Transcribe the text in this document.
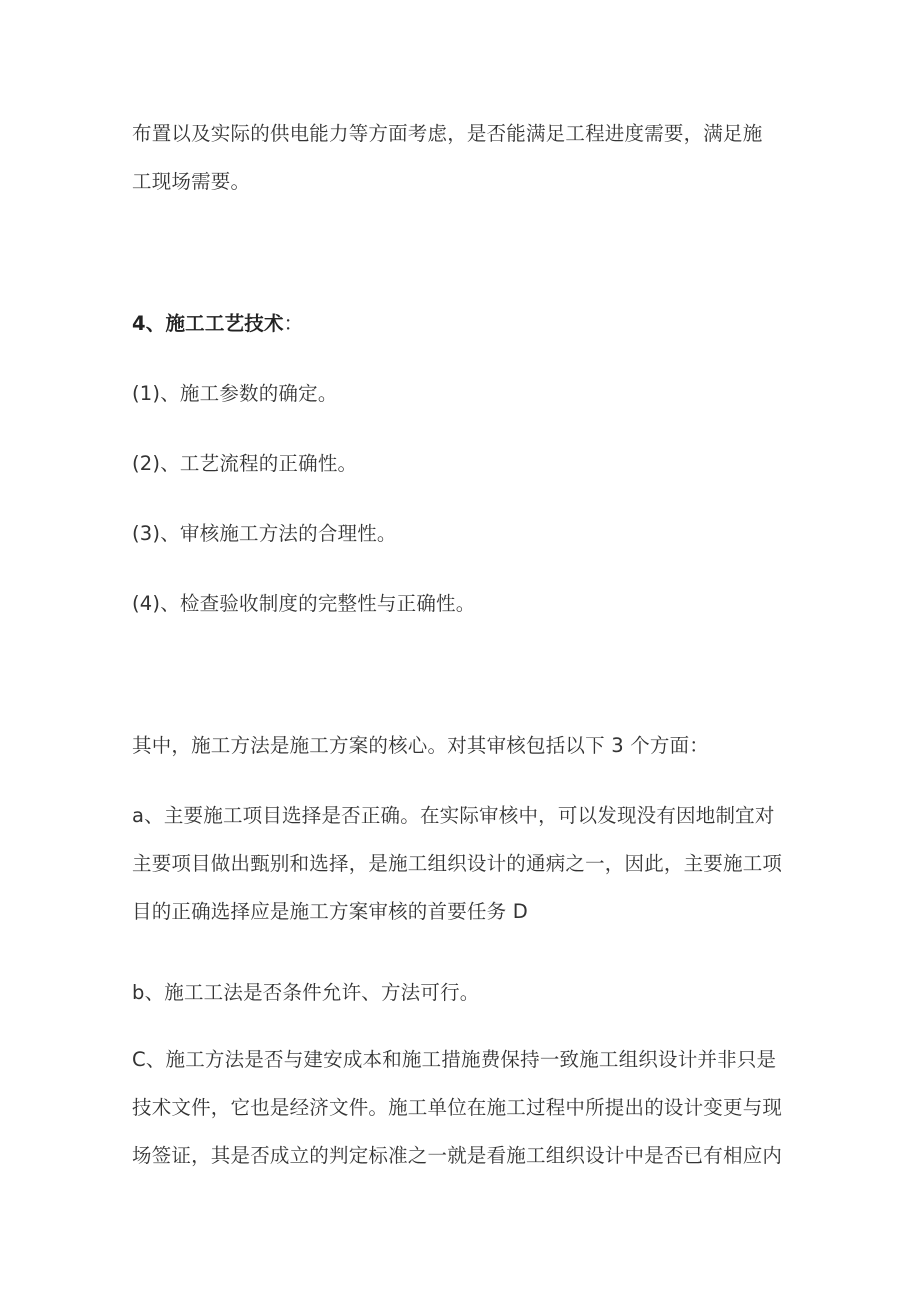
布置以及实际的供电能力等方面考虑，是否能满足工程进度需要，满足施
工现场需要。
4、施工工艺技术：
(1)、施工参数的确定。
(2)、工艺流程的正确性。
(3)、审核施工方法的合理性。
(4)、检查验收制度的完整性与正确性。
其中，施工方法是施工方案的核心。对其审核包括以下 3 个方面：
a、主要施工项目选择是否正确。在实际审核中，可以发现没有因地制宜对
主要项目做出甄别和选择，是施工组织设计的通病之一，因此，主要施工项
目的正确选择应是施工方案审核的首要任务 D
b、施工工法是否条件允许、方法可行。
C、施工方法是否与建安成本和施工措施费保持一致施工组织设计并非只是
技术文件，它也是经济文件。施工单位在施工过程中所提出的设计变更与现
场签证，其是否成立的判定标准之一就是看施工组织设计中是否已有相应内
